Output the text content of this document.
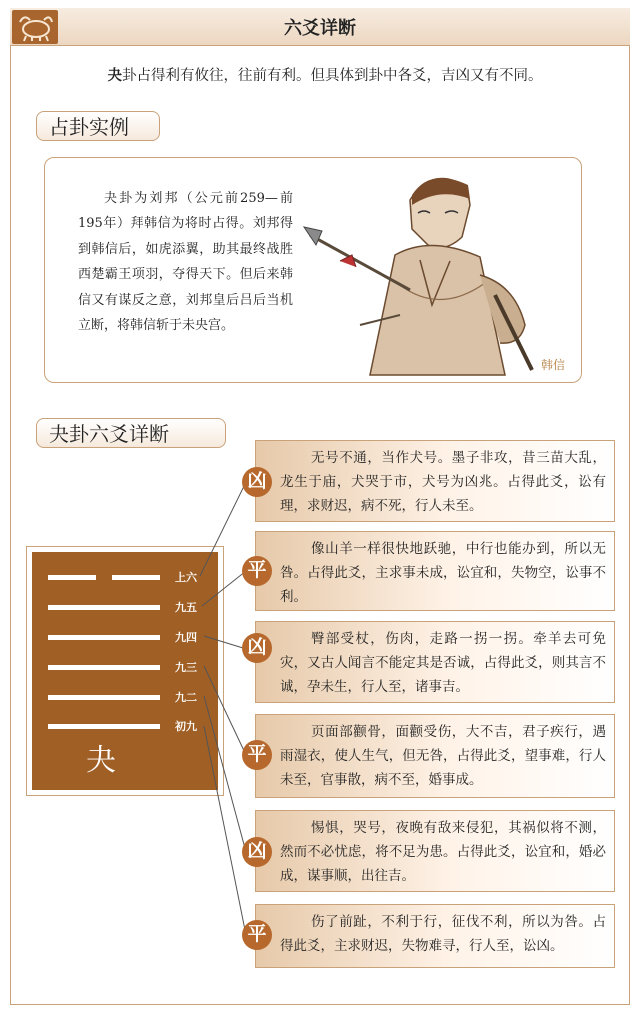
六爻详断
夬卦占得利有攸往，往前有利。但具体到卦中各爻，吉凶又有不同。
占卦实例
夬卦为刘邦（公元前259—前195年）拜韩信为将时占得。刘邦得到韩信后，如虎添翼，助其最终战胜西楚霸王项羽，夺得天下。但后来韩信又有谋反之意，刘邦皇后吕后当机立断，将韩信斩于未央宫。
韩信
夬卦六爻详断
上六
九五
九四
九三
九二
初九
夬
无号不通，当作犬号。墨子非攻，昔三苗大乱，龙生于庙，犬哭于市，犬号为凶兆。占得此爻，讼有理，求财迟，病不死，行人未至。
像山羊一样很快地跃驰，中行也能办到，所以无咎。占得此爻，主求事未成，讼宜和，失物空，讼事不利。
臀部受杖，伤肉，走路一拐一拐。牵羊去可免灾，又古人闻言不能定其是否诚，占得此爻，则其言不诚，孕未生，行人至，诸事吉。
页面部颧骨，面颧受伤，大不吉，君子疾行，遇雨湿衣，使人生气，但无咎，占得此爻，望事难，行人未至，官事散，病不至，婚事成。
惕惧，哭号，夜晚有敌来侵犯，其祸似将不测，然而不必忧虑，将不足为患。占得此爻，讼宜和，婚必成，谋事顺，出往吉。
伤了前趾，不利于行，征伐不利，所以为咎。占得此爻，主求财迟，失物难寻，行人至，讼凶。
凶
平
凶
平
凶
平
